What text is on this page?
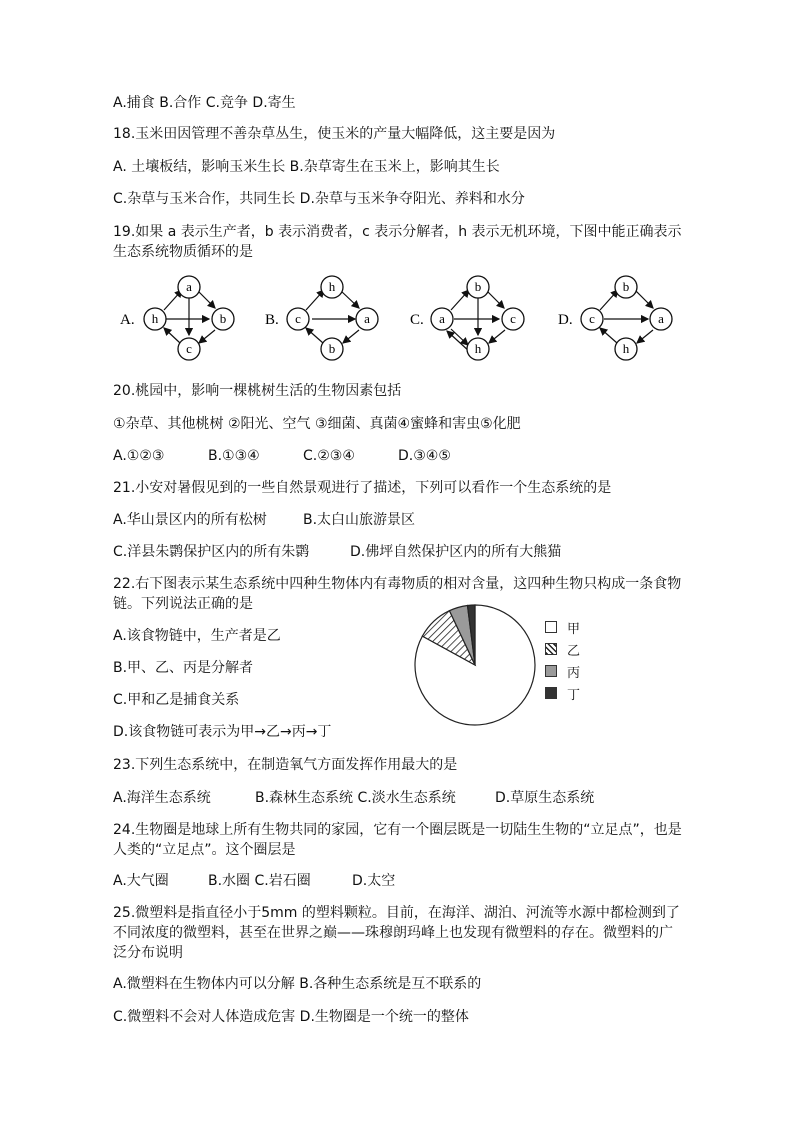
A.捕食 B.合作 C.竞争 D.寄生
18.玉米田因管理不善杂草丛生，使玉米的产量大幅降低，这主要是因为
A. 土壤板结，影响玉米生长 B.杂草寄生在玉米上，影响其生长
C.杂草与玉米合作，共同生长 D.杂草与玉米争夺阳光、养料和水分
19.如果 a 表示生产者，b 表示消费者，c 表示分解者，h 表示无机环境，下图中能正确表示生态系统物质循环的是
A.
a
h	b
c
B.
h
c	a
b
C.
b
a	c
h
D.
b
c	a
h
20.桃园中，影响一棵桃树生活的生物因素包括
①杂草、其他桃树 ②阳光、空气 ③细菌、真菌④蜜蜂和害虫⑤化肥
A.①②③	B.①③④	C.②③④	D.③④⑤
21.小安对暑假见到的一些自然景观进行了描述，下列可以看作一个生态系统的是
A.华山景区内的所有松树	B.太白山旅游景区
C.洋县朱鹮保护区内的所有朱鹮	D.佛坪自然保护区内的所有大熊猫
22.右下图表示某生态系统中四种生物体内有毒物质的相对含量，这四种生物只构成一条食物链。下列说法正确的是
A.该食物链中，生产者是乙
B.甲、乙、丙是分解者
C.甲和乙是捕食关系
D.该食物链可表示为甲→乙→丙→丁
甲
乙
丙
丁
23.下列生态系统中，在制造氧气方面发挥作用最大的是
A.海洋生态系统	B.森林生态系统 C.淡水生态系统	D.草原生态系统
24.生物圈是地球上所有生物共同的家园，它有一个圈层既是一切陆生生物的“立足点”，也是人类的“立足点”。这个圈层是
A.大气圈	B.水圈 C.岩石圈	D.太空
25.微塑料是指直径小于5mm 的塑料颗粒。目前，在海洋、湖泊、河流等水源中都检测到了不同浓度的微塑料，甚至在世界之巅——珠穆朗玛峰上也发现有微塑料的存在。微塑料的广泛分布说明
A.微塑料在生物体内可以分解 B.各种生态系统是互不联系的
C.微塑料不会对人体造成危害 D.生物圈是一个统一的整体
